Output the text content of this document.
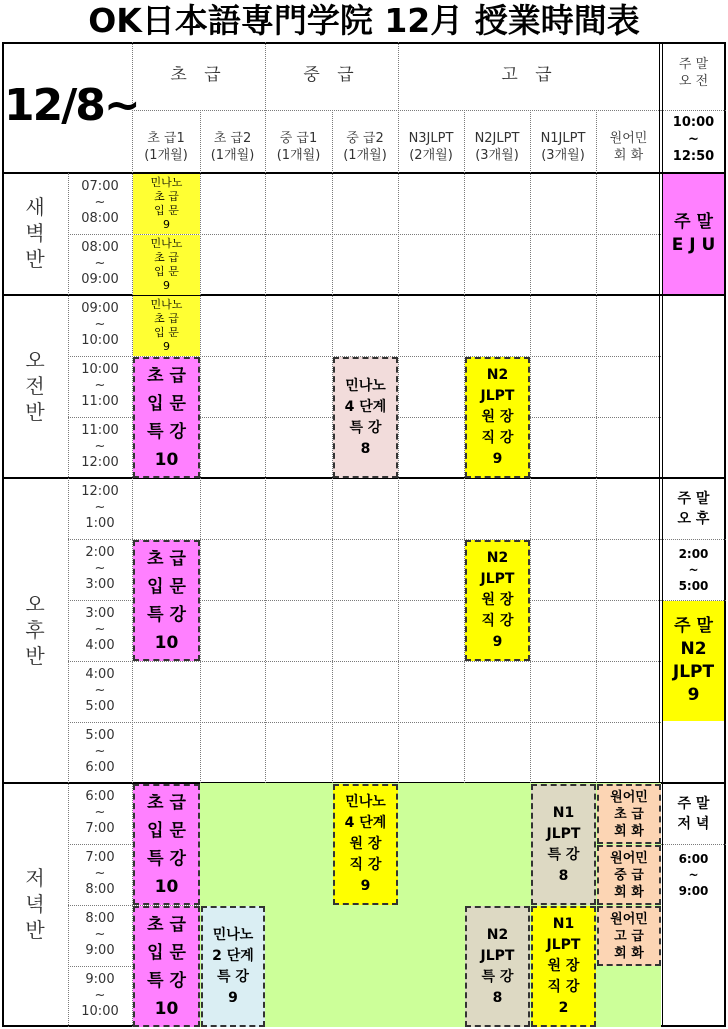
OK日本語専門学院 12月 授業時間表
민나노
초 급
입 문
9
민나노
초 급
입 문
9
민나노
초 급
입 문
9
초 급
입 문
특 강
10
민나노
4 단계
특 강
8
N2
JLPT
원 장
직 강
9
초 급
입 문
특 강
10
N2
JLPT
원 장
직 강
9
초 급
입 문
특 강
10
민나노
4 단계
원 장
직 강
9
N1
JLPT
특 강
8
원어민
초 급
회 화
원어민
중 급
회 화
초 급
입 문
특 강
10
민나노
2 단계
특 강
9
N2
JLPT
특 강
8
N1
JLPT
원 장
직 강
2
원어민
고 급
회 화
12/8~
초 급	중 급	고 급
주 말
오 전
10:00
~
12:50
초 급1
(1개월)
초 급2
(1개월)
중 급1
(1개월)
중 급2
(1개월)
N3JLPT
(2개월)
N2JLPT
(3개월)
N1JLPT
(3개월)
원어민
회 화
새
벽
반
오
전
반
오
후
반
저
녁
반
07:00
~
08:00
08:00
~
09:00
09:00
~
10:00
10:00
~
11:00
11:00
~
12:00
12:00
~
1:00
2:00
~
3:00
3:00
~
4:00
4:00
~
5:00
5:00
~
6:00
6:00
~
7:00
7:00
~
8:00
8:00
~
9:00
9:00
~
10:00
주 말
E J U
주 말
오 후
2:00
~
5:00
주 말
N2
JLPT
9
주 말
저 녁
6:00
~
9:00
